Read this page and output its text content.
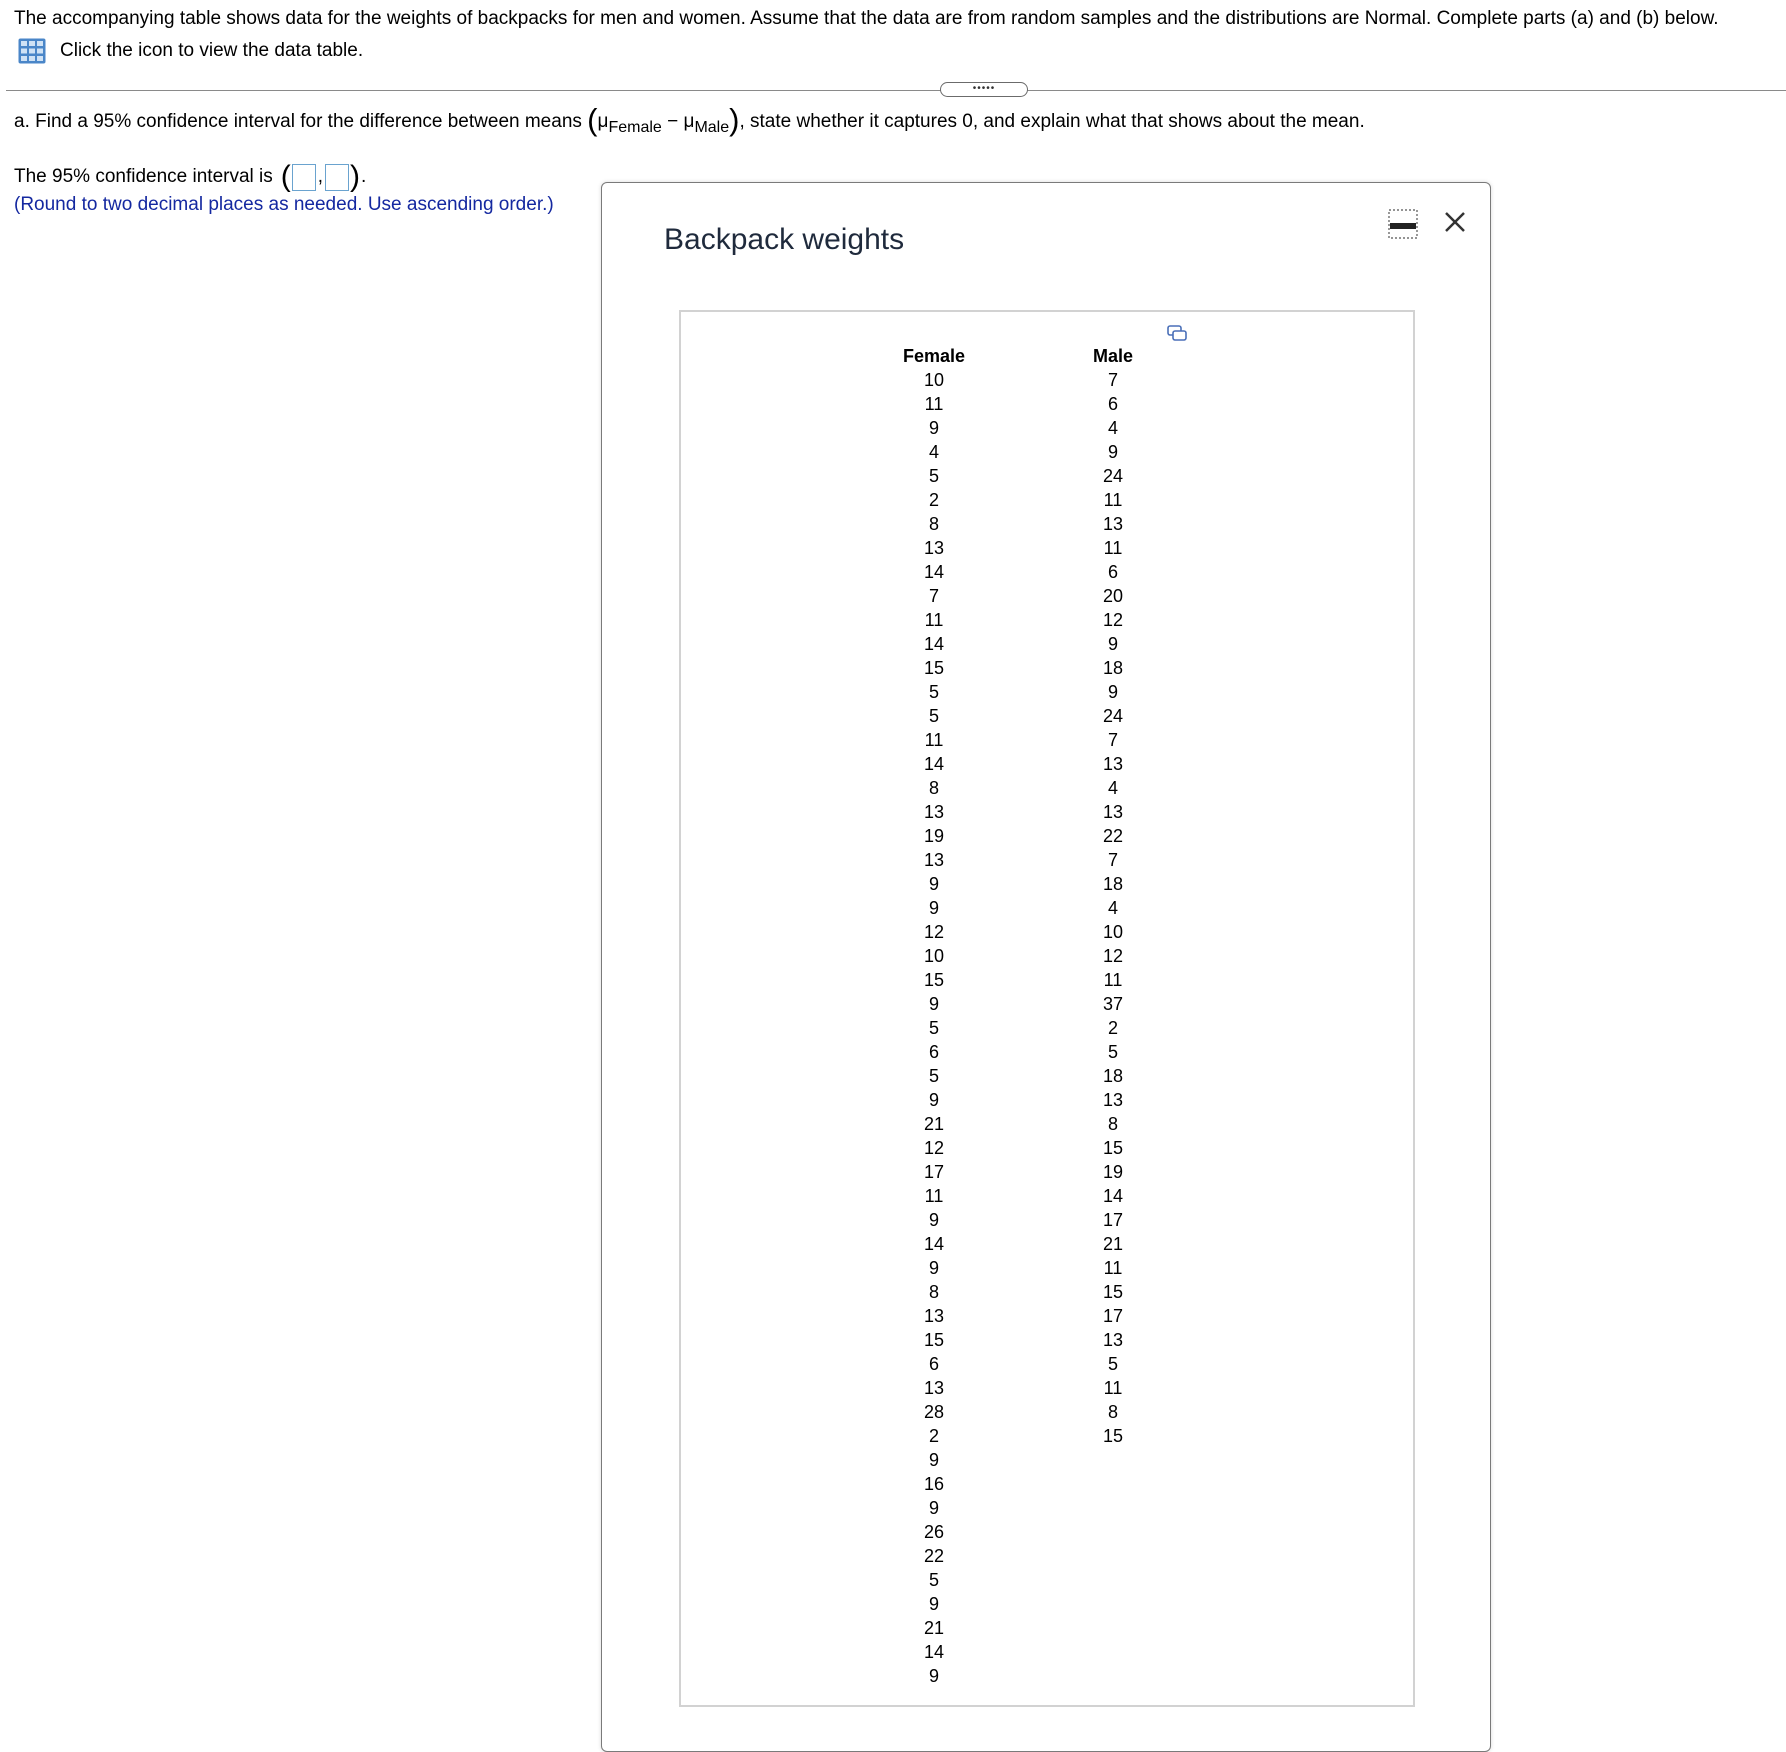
The accompanying table shows data for the weights of backpacks for men and women. Assume that the data are from random samples and the distributions are Normal. Complete parts (a) and (b) below.
Click the icon to view the data table.
•••••
a. Find a 95% confidence interval for the difference between means $(\mu_{Female} - \mu_{Male})$, state whether it captures 0, and explain what that shows about the mean.
The 95% confidence interval is ( , ) .
(Round to two decimal places as needed. Use ascending order.)
Backpack weights
Female
10
11
9
4
5
2
8
13
14
7
11
14
15
5
5
11
14
8
13
19
13
9
9
12
10
15
9
5
6
5
9
21
12
17
11
9
14
9
8
13
15
6
13
28
2
9
16
9
26
22
5
9
21
14
9
Male
7
6
4
9
24
11
13
11
6
20
12
9
18
9
24
7
13
4
13
22
7
18
4
10
12
11
37
2
5
18
13
8
15
19
14
17
21
11
15
17
13
5
11
8
15
